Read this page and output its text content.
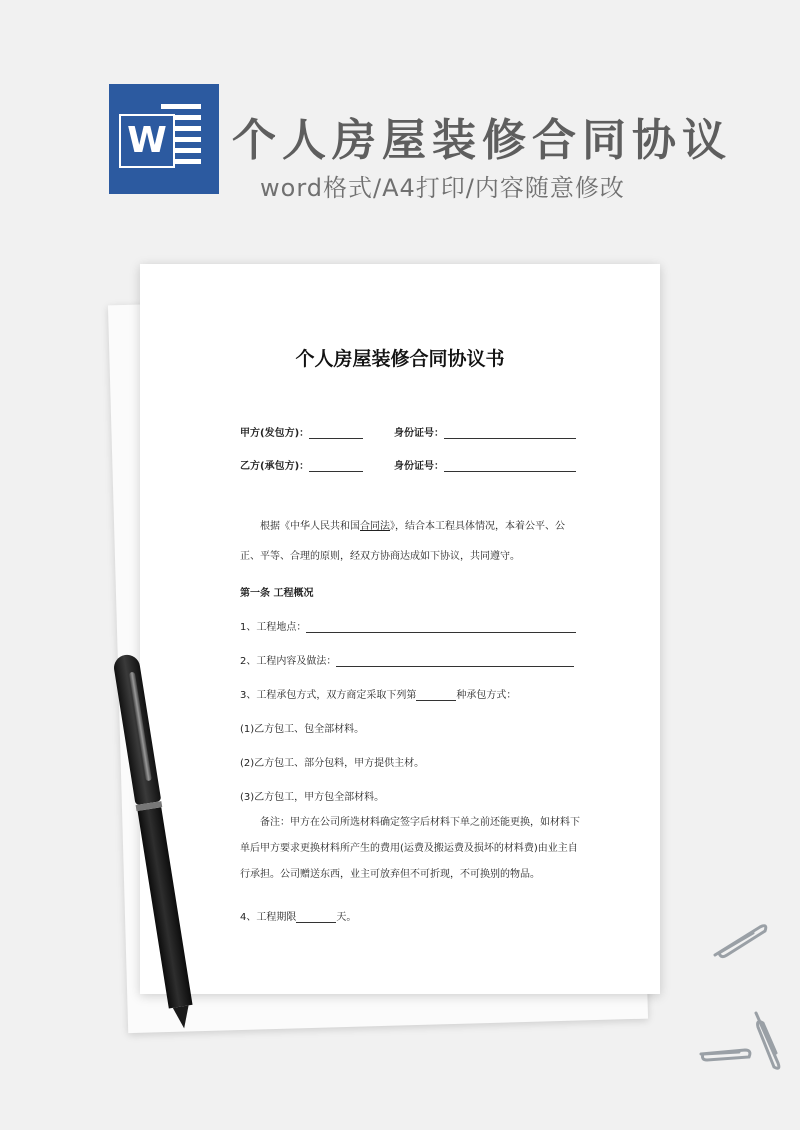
W 个人房屋装修合同协议
word格式/A4打印/内容随意修改
个人房屋装修合同协议书
甲方(发包方)：	身份证号：
乙方(承包方)：	身份证号：
根据《中华人民共和国合同法》，结合本工程具体情况，本着公平、公正、平等、合理的原则，经双方协商达成如下协议，共同遵守。
第一条 工程概况
1、工程地点：
2、工程内容及做法：
3、工程承包方式，双方商定采取下列第	种承包方式：
(1)乙方包工、包全部材料。
(2)乙方包工、部分包料，甲方提供主材。
(3)乙方包工，甲方包全部材料。
备注：甲方在公司所选材料确定签字后材料下单之前还能更换，如材料下单后甲方要求更换材料所产生的费用(运费及搬运费及损坏的材料费)由业主自行承担。公司赠送东西，业主可放弃但不可折现，不可换别的物品。
4、工程期限	天。
